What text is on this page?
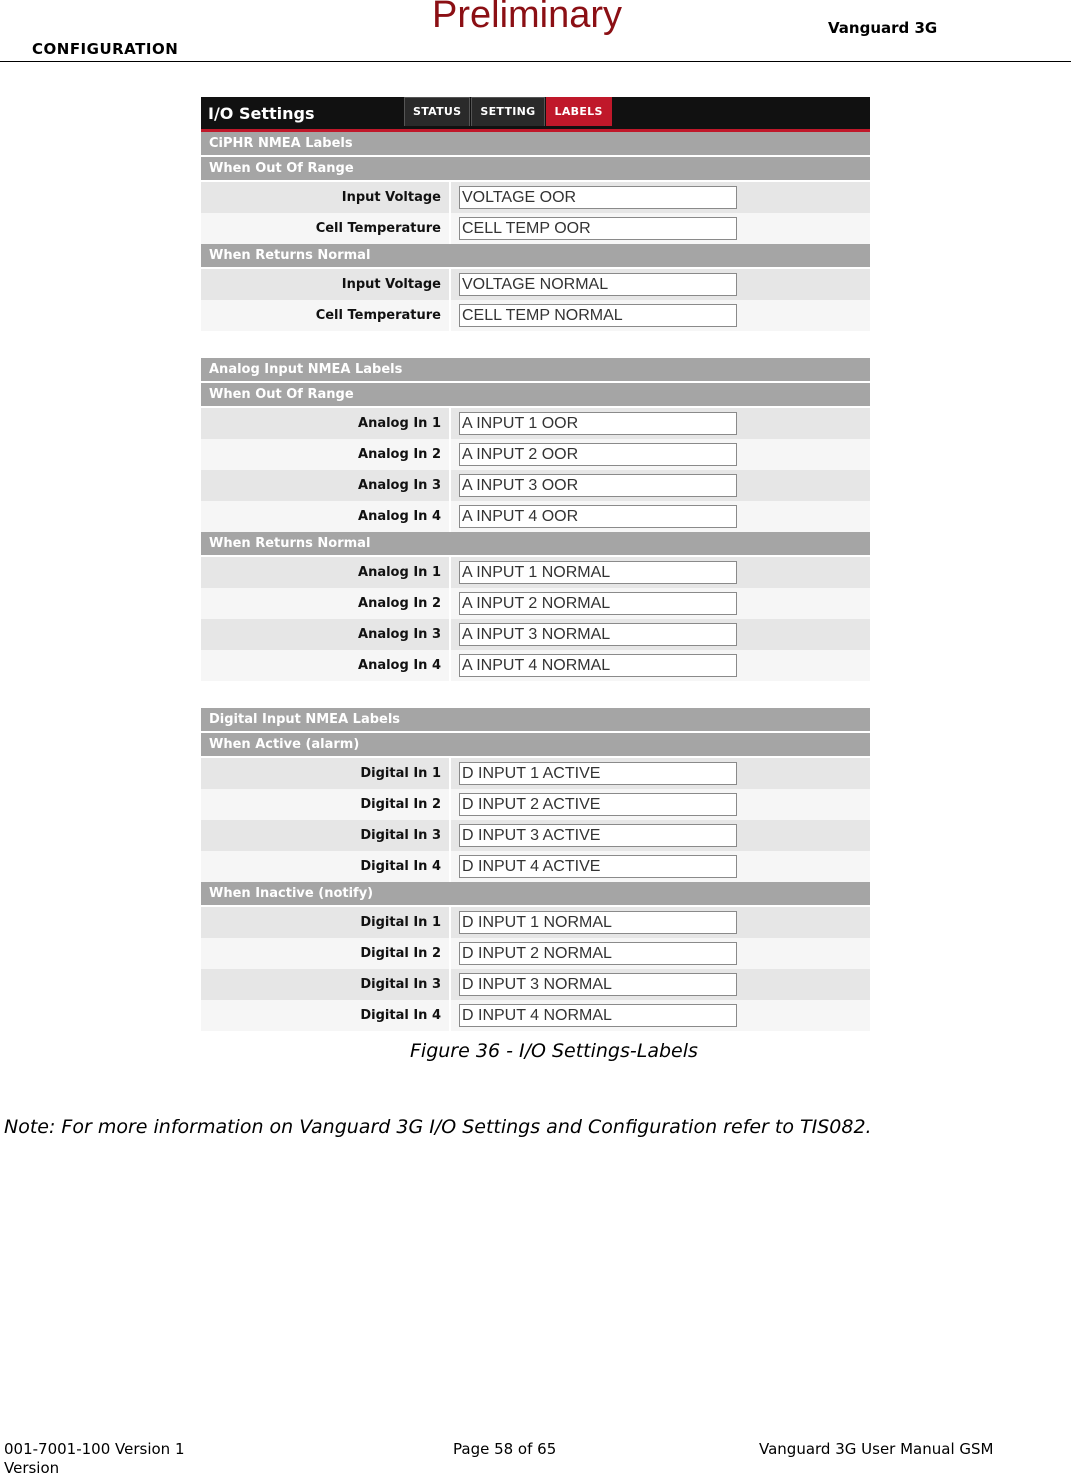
CONFIGURATION
Preliminary	Vanguard 3G
I/O Settings	STATUS	SETTING	LABELS
CiPHR NMEA Labels
When Out Of Range
Input Voltage	VOLTAGE OOR
Cell Temperature	CELL TEMP OOR
When Returns Normal
Input Voltage	VOLTAGE NORMAL
Cell Temperature	CELL TEMP NORMAL
Analog Input NMEA Labels
When Out Of Range
Analog In 1	A INPUT 1 OOR
Analog In 2	A INPUT 2 OOR
Analog In 3	A INPUT 3 OOR
Analog In 4	A INPUT 4 OOR
When Returns Normal
Analog In 1	A INPUT 1 NORMAL
Analog In 2	A INPUT 2 NORMAL
Analog In 3	A INPUT 3 NORMAL
Analog In 4	A INPUT 4 NORMAL
Digital Input NMEA Labels
When Active (alarm)
Digital In 1	D INPUT 1 ACTIVE
Digital In 2	D INPUT 2 ACTIVE
Digital In 3	D INPUT 3 ACTIVE
Digital In 4	D INPUT 4 ACTIVE
When Inactive (notify)
Digital In 1	D INPUT 1 NORMAL
Digital In 2	D INPUT 2 NORMAL
Digital In 3	D INPUT 3 NORMAL
Digital In 4	D INPUT 4 NORMAL
Figure 36 - I/O Settings-Labels
Note: For more information on Vanguard 3G I/O Settings and Configuration refer to TIS082.
001-7001-100 Version 1 Version
Page 58 of 65	Vanguard 3G User Manual GSM
